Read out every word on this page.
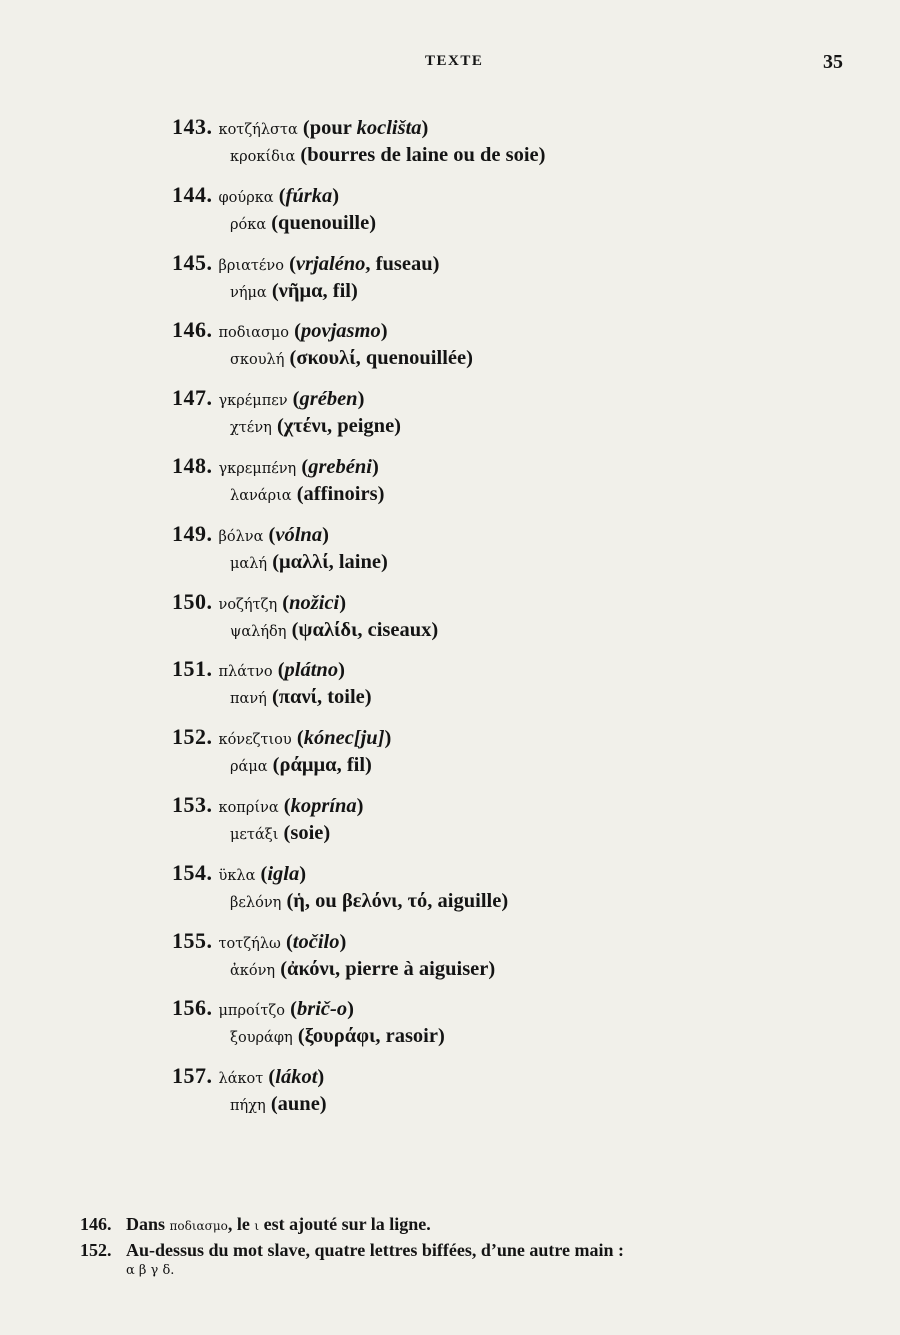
TEXTE	35
143. κοτζήλστα (pour koclišta)
κροκίδια (bourres de laine ou de soie)
144. φούρκα (fúrka)
ρόκα (quenouille)
145. βριατένο (vrjaléno, fuseau)
νήμα (νῆμα, fil)
146. ποδιασμο (povjasmo)
σκουλή (σκουλί, quenouillée)
147. γκρέμπεν (grében)
χτένη (χτένι, peigne)
148. γκρεμπένη (grebéni)
λανάρια (affinoirs)
149. βόλνα (vólna)
μαλή (μαλλί, laine)
150. νοζήτζη (nožici)
ψαλήδη (ψαλίδι, ciseaux)
151. πλάτνο (plátno)
πανή (πανί, toile)
152. κόνεζτιου (kónec[ju])
ράμα (ράμμα, fil)
153. κοπρίνα (koprína)
μετάξι (soie)
154. ϋκλα (igla)
βελόνη (ἡ, ou βελόνι, τό, aiguille)
155. τοτζήλω (točilo)
ἀκόνη (ἀκόνι, pierre à aiguiser)
156. μπροίτζο (brič-o)
ξουράφη (ξουράφι, rasoir)
157. λάκοτ (lákot)
πήχη (aune)
146. Dans ποδιασμο, le ι est ajouté sur la ligne.
152. Au-dessus du mot slave, quatre lettres biffées, d’une autre main :
α β γ δ.
